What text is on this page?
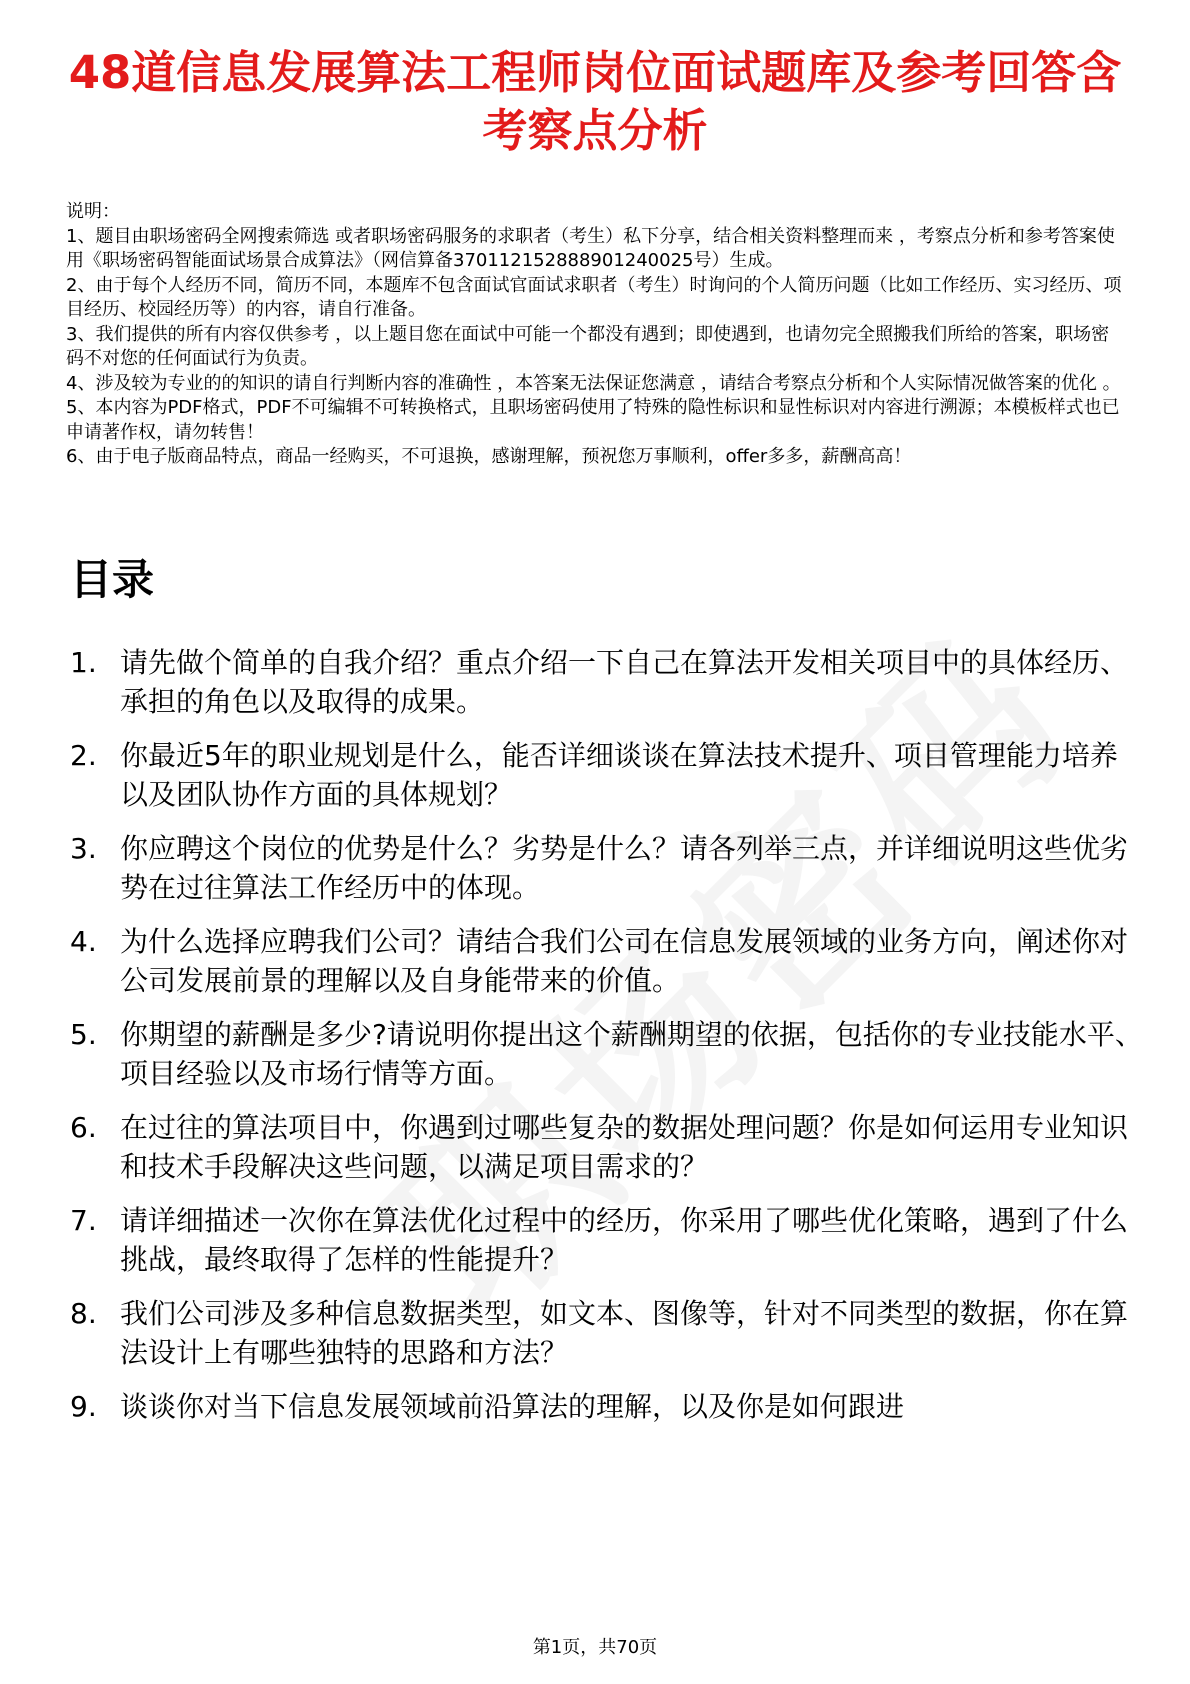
48道信息发展算法工程师岗位面试题库及参考回答含考察点分析

说明：

1、题目由职场密码全网搜索筛选 或者职场密码服务的求职者（考生）私下分享，结合相关资料整理而来 ，考察点分析和参考答案使用《职场密码智能面试场景合成算法》（网信算备370112152888901240025号）生成。

2、由于每个人经历不同，简历不同，本题库不包含面试官面试求职者（考生）时询问的个人简历问题（比如工作经历、实习经历、项目经历、校园经历等）的内容，请自行准备。

3、我们提供的所有内容仅供参考 ，以上题目您在面试中可能一个都没有遇到；即使遇到，也请勿完全照搬我们所给的答案，职场密码不对您的任何面试行为负责。

4、涉及较为专业的的知识的请自行判断内容的准确性 ，本答案无法保证您满意 ，请结合考察点分析和个人实际情况做答案的优化 。

5、本内容为PDF格式，PDF不可编辑不可转换格式，且职场密码使用了特殊的隐性标识和显性标识对内容进行溯源；本模板样式也已申请著作权，请勿转售！

6、由于电子版商品特点，商品一经购买，不可退换，感谢理解，预祝您万事顺利，offer多多，薪酬高高！

目录
1. 请先做个简单的自我介绍？重点介绍一下自己在算法开发相关项目中的具体经历、承担的角色以及取得的成果。
2. 你最近5年的职业规划是什么，能否详细谈谈在算法技术提升、项目管理能力培养以及团队协作方面的具体规划？
3. 你应聘这个岗位的优势是什么？劣势是什么？请各列举三点，并详细说明这些优劣势在过往算法工作经历中的体现。
4. 为什么选择应聘我们公司？请结合我们公司在信息发展领域的业务方向，阐述你对公司发展前景的理解以及自身能带来的价值。
5. 你期望的薪酬是多少?请说明你提出这个薪酬期望的依据，包括你的专业技能水平、项目经验以及市场行情等方面。
6. 在过往的算法项目中，你遇到过哪些复杂的数据处理问题？你是如何运用专业知识和技术手段解决这些问题，以满足项目需求的？
7. 请详细描述一次你在算法优化过程中的经历，你采用了哪些优化策略，遇到了什么挑战，最终取得了怎样的性能提升？
8. 我们公司涉及多种信息数据类型，如文本、图像等，针对不同类型的数据，你在算法设计上有哪些独特的思路和方法？
9. 谈谈你对当下信息发展领域前沿算法的理解，以及你是如何跟进
第1页，共70页
